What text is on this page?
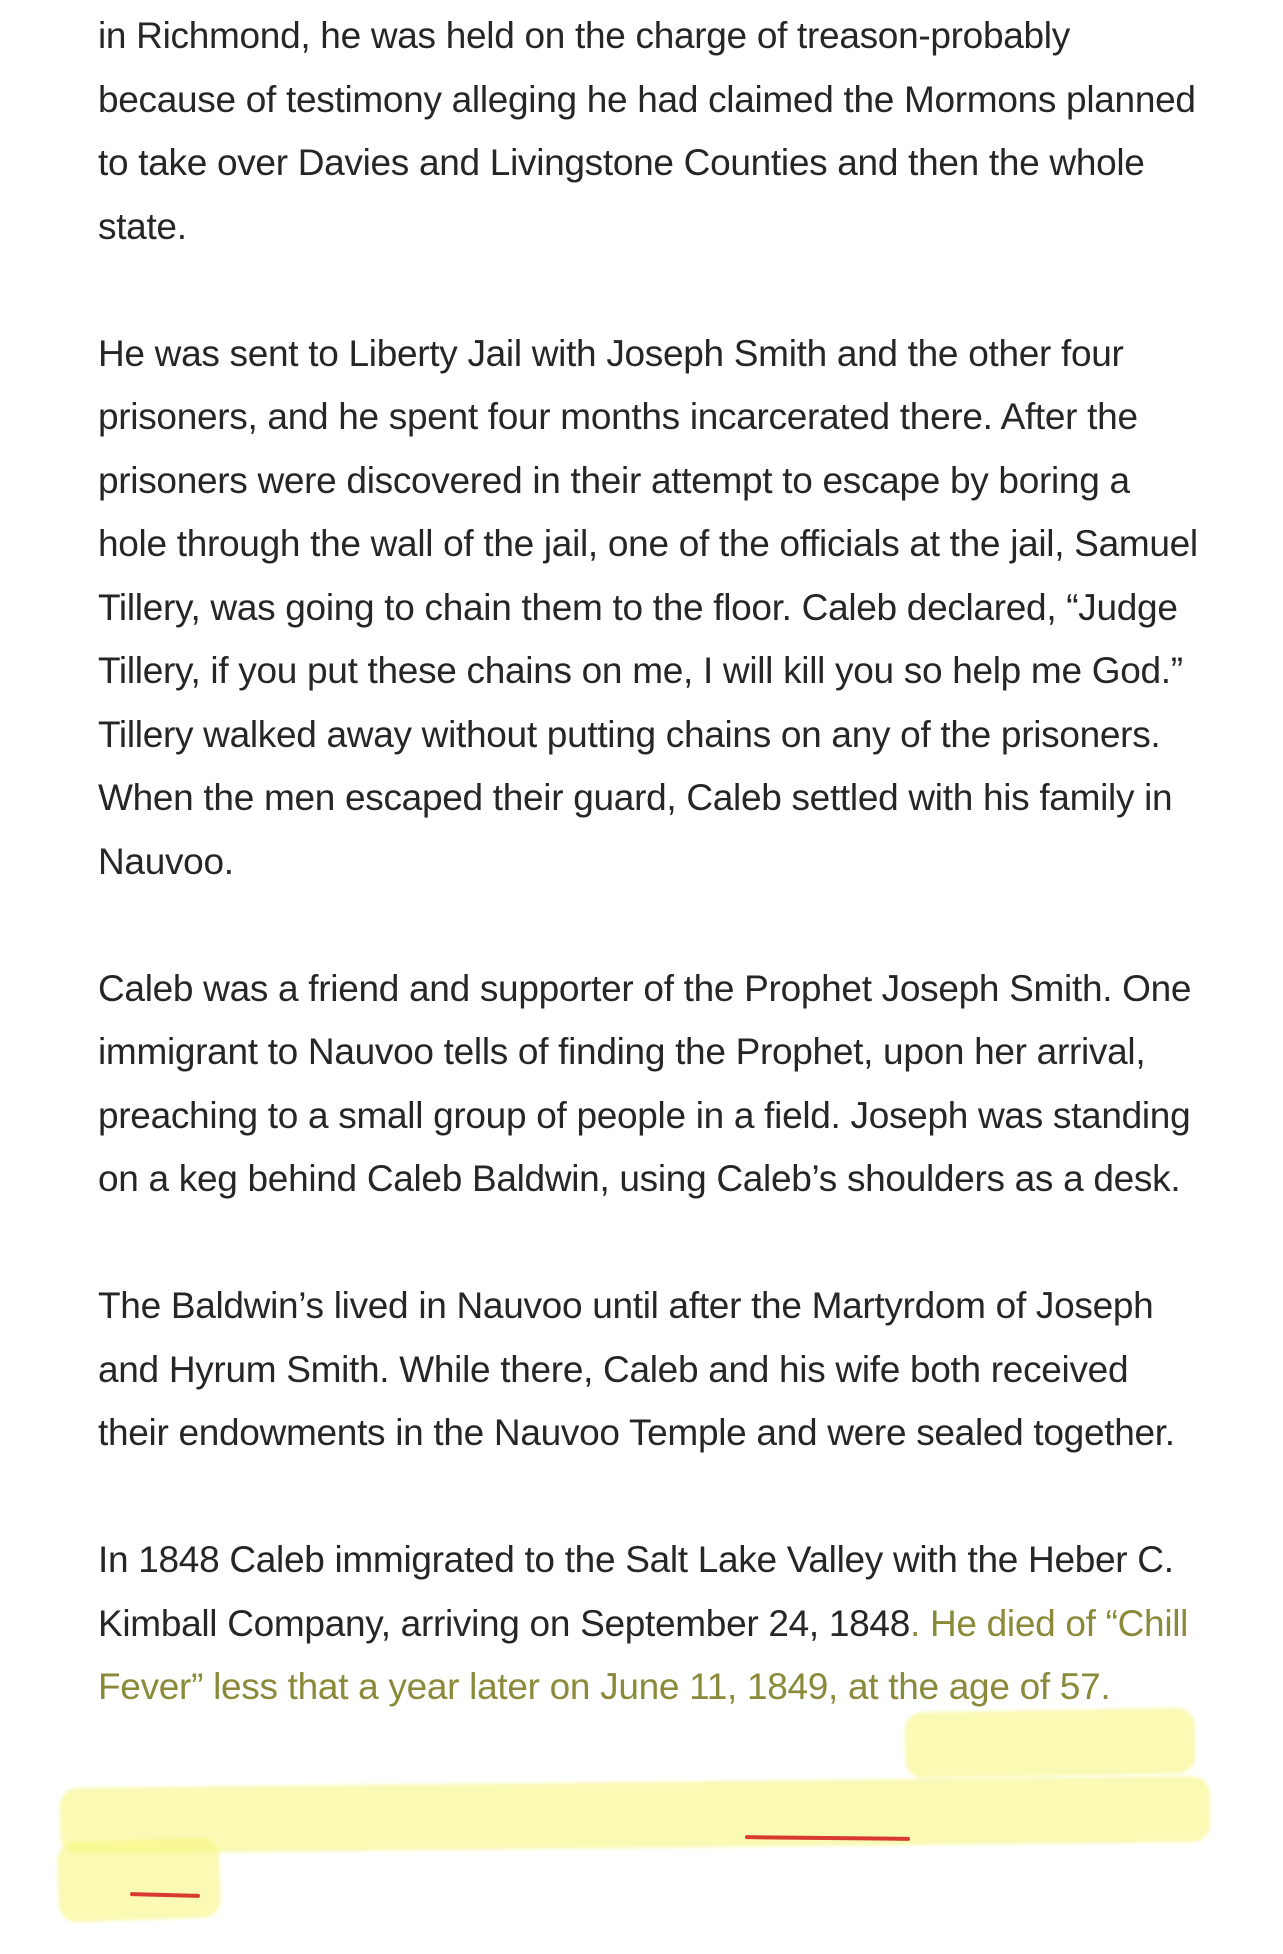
in Richmond, he was held on the charge of treason-probably because of testimony alleging he had claimed the Mormons planned to take over Davies and Livingstone Counties and then the whole state.

He was sent to Liberty Jail with Joseph Smith and the other four prisoners, and he spent four months incarcerated there. After the prisoners were discovered in their attempt to escape by boring a hole through the wall of the jail, one of the officials at the jail, Samuel Tillery, was going to chain them to the floor. Caleb declared, “Judge Tillery, if you put these chains on me, I will kill you so help me God.” Tillery walked away without putting chains on any of the prisoners. When the men escaped their guard, Caleb settled with his family in Nauvoo.

Caleb was a friend and supporter of the Prophet Joseph Smith. One immigrant to Nauvoo tells of finding the Prophet, upon her arrival, preaching to a small group of people in a field. Joseph was standing on a keg behind Caleb Baldwin, using Caleb’s shoulders as a desk.

The Baldwin’s lived in Nauvoo until after the Martyrdom of Joseph and Hyrum Smith. While there, Caleb and his wife both received their endowments in the Nauvoo Temple and were sealed together.

In 1848 Caleb immigrated to the Salt Lake Valley with the Heber C. Kimball Company, arriving on September 24, 1848. He died of “Chill Fever” less that a year later on June 11, 1849, at the age of 57.
